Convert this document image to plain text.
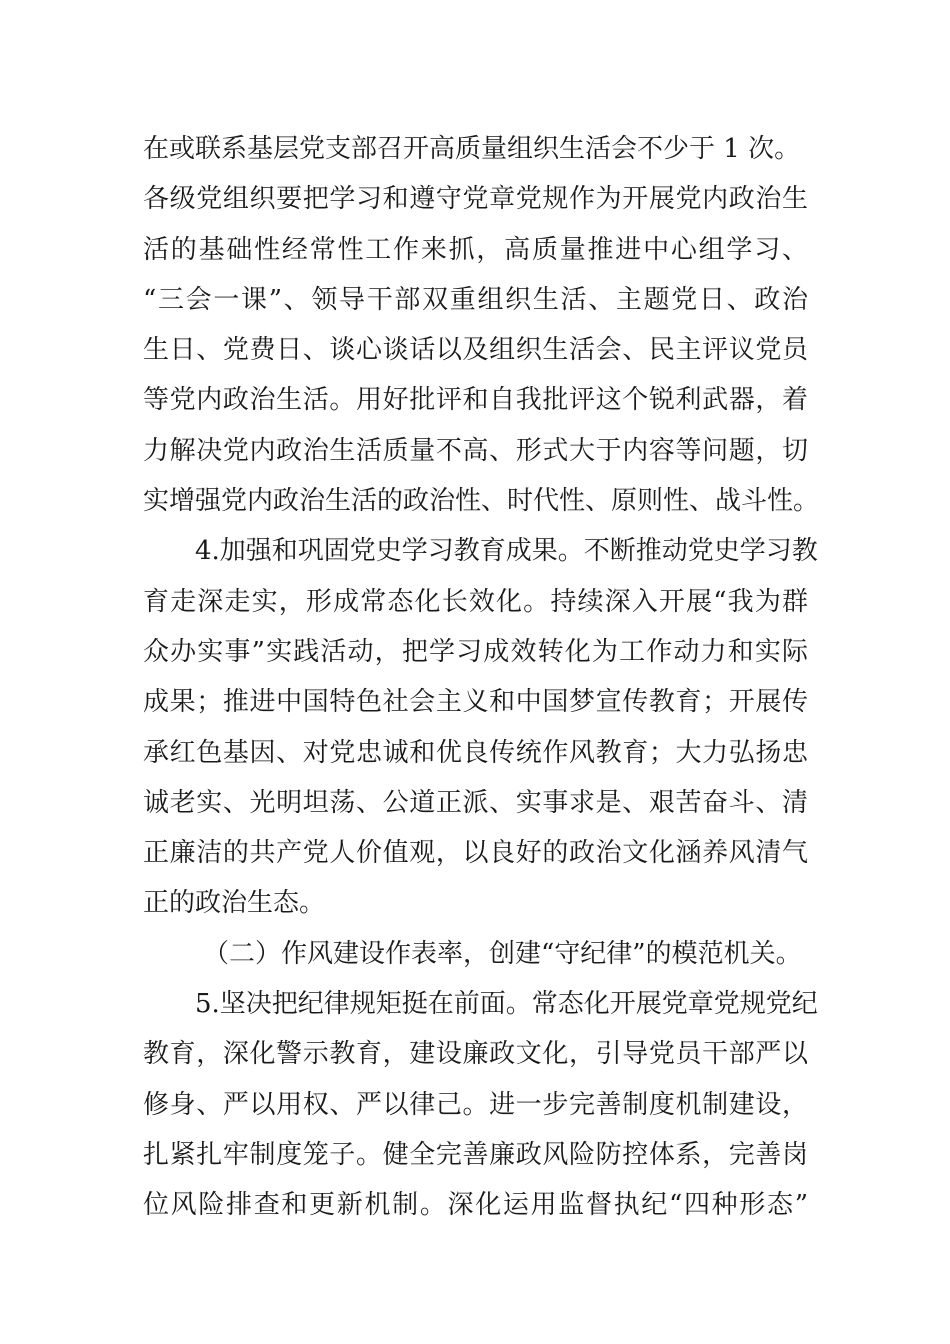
在或联系基层党支部召开高质量组织生活会不少于 1 次。
各级党组织要把学习和遵守党章党规作为开展党内政治生
活的基础性经常性工作来抓，高质量推进中心组学习、
“三会一课”、领导干部双重组织生活、主题党日、政治
生日、党费日、谈心谈话以及组织生活会、民主评议党员
等党内政治生活。用好批评和自我批评这个锐利武器，着
力解决党内政治生活质量不高、形式大于内容等问题，切
实增强党内政治生活的政治性、时代性、原则性、战斗性。
4.加强和巩固党史学习教育成果。不断推动党史学习教
育走深走实，形成常态化长效化。持续深入开展“我为群
众办实事”实践活动，把学习成效转化为工作动力和实际
成果；推进中国特色社会主义和中国梦宣传教育；开展传
承红色基因、对党忠诚和优良传统作风教育；大力弘扬忠
诚老实、光明坦荡、公道正派、实事求是、艰苦奋斗、清
正廉洁的共产党人价值观，以良好的政治文化涵养风清气
正的政治生态。
（二）作风建设作表率，创建“守纪律”的模范机关。
5.坚决把纪律规矩挺在前面。常态化开展党章党规党纪
教育，深化警示教育，建设廉政文化，引导党员干部严以
修身、严以用权、严以律己。进一步完善制度机制建设，
扎紧扎牢制度笼子。健全完善廉政风险防控体系，完善岗
位风险排查和更新机制。深化运用监督执纪“四种形态”
